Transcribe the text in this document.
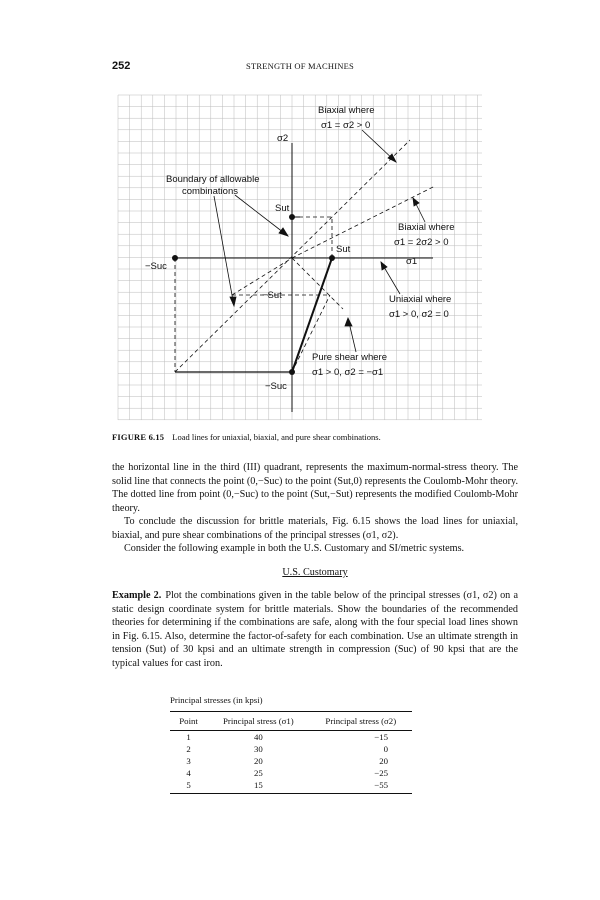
252	STRENGTH OF MACHINES
σ2
σ1
Sut
Sut
−Sut
−Suc
−Suc
Biaxial where
σ1 = σ2 > 0
Boundary of allowable
combinations
Biaxial where
σ1 = 2σ2 > 0
Uniaxial where
σ1 > 0, σ2 = 0
Pure shear where
σ1 > 0, σ2 = −σ1
FIGURE 6.15 Load lines for uniaxial, biaxial, and pure shear combinations.

the horizontal line in the third (III) quadrant, represents the maximum-normal-stress theory. The solid line that connects the point (0,−Suc) to the point (Sut,0) represents the Coulomb-Mohr theory. The dotted line from point (0,−Suc) to the point (Sut,−Sut) represents the modified Coulomb-Mohr theory.

To conclude the discussion for brittle materials, Fig. 6.15 shows the load lines for uniaxial, biaxial, and pure shear combinations of the principal stresses (σ1, σ2).

Consider the following example in both the U.S. Customary and SI/metric systems.

U.S. Customary
Example 2. Plot the combinations given in the table below of the principal stresses (σ1, σ2) on a static design coordinate system for brittle materials. Show the boundaries of the recommended theories for determining if the combinations are safe, along with the four special load lines shown in Fig. 6.15. Also, determine the factor-of-safety for each combination. Use an ultimate strength in tension (Sut) of 30 kpsi and an ultimate strength in compression (Suc) of 90 kpsi that are the typical values for cast iron.
Principal stresses (in kpsi)
Point	Principal stress (σ1)	Principal stress (σ2)
1	40	−15
2	30	0
3	20	20
4	25	−25
5	15	−55
